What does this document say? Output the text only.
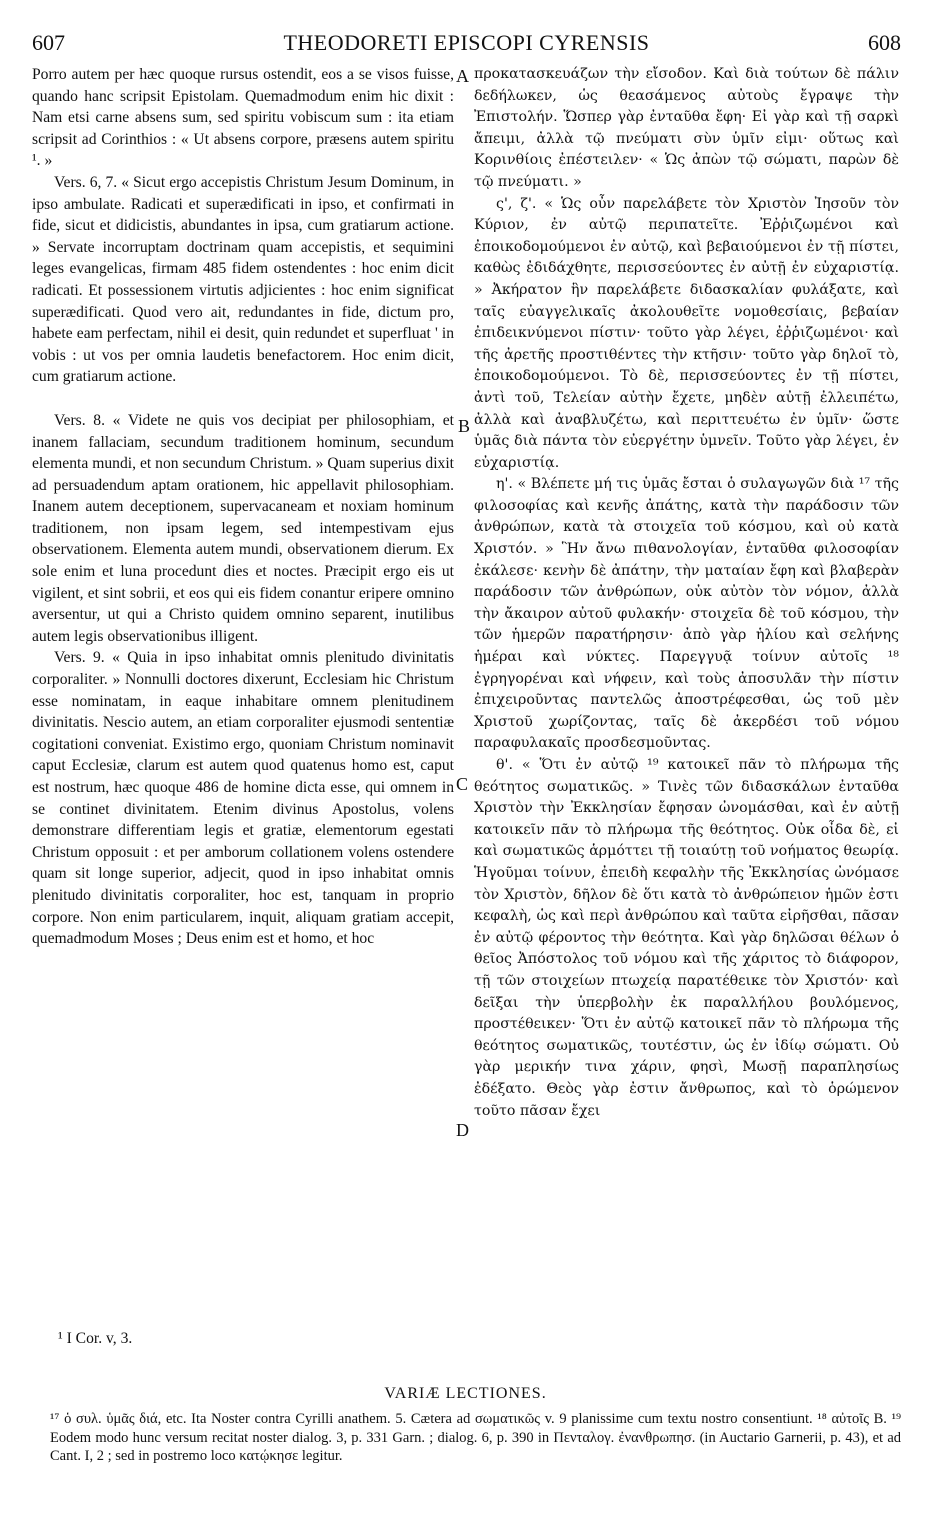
607	THEODORETI EPISCOPI CYRENSIS	608
A
B
C
D

Porro autem per hæc quoque rursus ostendit, eos a se visos fuisse, quando hanc scripsit Epistolam. Quemadmodum enim hic dixit : Nam etsi carne absens sum, sed spiritu vobiscum sum : ita etiam scripsit ad Corinthios : « Ut absens corpore, præsens autem spiritu ¹. »

Vers. 6, 7. « Sicut ergo accepistis Christum Jesum Dominum, in ipso ambulate. Radicati et superædificati in ipso, et confirmati in fide, sicut et didicistis, abundantes in ipsa, cum gratiarum actione. » Servate incorruptam doctrinam quam accepistis, et sequimini leges evangelicas, firmam 485 fidem ostendentes : hoc enim dicit radicati. Et possessionem virtutis adjicientes : hoc enim significat superædificati. Quod vero ait, redundantes in fide, dictum pro, habete eam perfectam, nihil ei desit, quin redundet et superfluat ' in vobis : ut vos per omnia laudetis benefactorem. Hoc enim dicit, cum gratiarum actione.

Vers. 8. « Videte ne quis vos decipiat per philosophiam, et inanem fallaciam, secundum traditionem hominum, secundum elementa mundi, et non secundum Christum. » Quam superius dixit ad persuadendum aptam orationem, hic appellavit philosophiam. Inanem autem deceptionem, supervacaneam et noxiam hominum traditionem, non ipsam legem, sed intempestivam ejus observationem. Elementa autem mundi, observationem dierum. Ex sole enim et luna procedunt dies et noctes. Præcipit ergo eis ut vigilent, et sint sobrii, et eos qui eis fidem conantur eripere omnino aversentur, ut qui a Christo quidem omnino separent, inutilibus autem legis observationibus illigent.

Vers. 9. « Quia in ipso inhabitat omnis plenitudo divinitatis corporaliter. » Nonnulli doctores dixerunt, Ecclesiam hic Christum esse nominatam, in eaque inhabitare omnem plenitudinem divinitatis. Nescio autem, an etiam corporaliter ejusmodi sententiæ cogitationi conveniat. Existimo ergo, quoniam Christum nominavit caput Ecclesiæ, clarum est autem quod quatenus homo est, caput est nostrum, hæc quoque 486 de homine dicta esse, qui omnem in se continet divinitatem. Etenim divinus Apostolus, volens demonstrare differentiam legis et gratiæ, elementorum egestati Christum opposuit : et per amborum collationem volens ostendere quam sit longe superior, adjecit, quod in ipso inhabitat omnis plenitudo divinitatis corporaliter, hoc est, tanquam in proprio corpore. Non enim particularem, inquit, aliquam gratiam accepit, quemadmodum Moses ; Deus enim est et homo, et hoc

προκατασκευάζων τὴν εἴσοδον. Καὶ διὰ τούτων δὲ πάλιν δεδήλωκεν, ὡς θεασάμενος αὐτοὺς ἔγραψε τὴν Ἐπιστολήν. Ὥσπερ γὰρ ἐνταῦθα ἔφη· Εἰ γὰρ καὶ τῇ σαρκὶ ἄπειμι, ἀλλὰ τῷ πνεύματι σὺν ὑμῖν εἰμι· οὕτως καὶ Κορινθίοις ἐπέστειλεν· « Ὡς ἀπὼν τῷ σώματι, παρὼν δὲ τῷ πνεύματι. »

ς', ζ'. « Ὡς οὖν παρελάβετε τὸν Χριστὸν Ἰησοῦν τὸν Κύριον, ἐν αὐτῷ περιπατεῖτε. Ἐῤῥιζωμένοι καὶ ἐποικοδομούμενοι ἐν αὐτῷ, καὶ βεβαιούμενοι ἐν τῇ πίστει, καθὼς ἐδιδάχθητε, περισσεύοντες ἐν αὐτῇ ἐν εὐχαριστίᾳ. » Ἀκήρατον ἣν παρελάβετε διδασκαλίαν φυλάξατε, καὶ ταῖς εὐαγγελικαῖς ἀκολουθεῖτε νομοθεσίαις, βεβαίαν ἐπιδεικνύμενοι πίστιν· τοῦτο γὰρ λέγει, ἐῤῥιζωμένοι· καὶ τῆς ἀρετῆς προστιθέντες τὴν κτῆσιν· τοῦτο γὰρ δηλοῖ τὸ, ἐποικοδομούμενοι. Τὸ δὲ, περισσεύοντες ἐν τῇ πίστει, ἀντὶ τοῦ, Τελείαν αὐτὴν ἔχετε, μηδὲν αὐτῇ ἐλλειπέτω, ἀλλὰ καὶ ἀναβλυζέτω, καὶ περιττευέτω ἐν ὑμῖν· ὥστε ὑμᾶς διὰ πάντα τὸν εὐεργέτην ὑμνεῖν. Τοῦτο γὰρ λέγει, ἐν εὐχαριστίᾳ.

η'. « Βλέπετε μή τις ὑμᾶς ἔσται ὁ συλαγωγῶν διὰ ¹⁷ τῆς φιλοσοφίας καὶ κενῆς ἀπάτης, κατὰ τὴν παράδοσιν τῶν ἀνθρώπων, κατὰ τὰ στοιχεῖα τοῦ κόσμου, καὶ οὐ κατὰ Χριστόν. » Ἣν ἄνω πιθανολογίαν, ἐνταῦθα φιλοσοφίαν ἐκάλεσε· κενὴν δὲ ἀπάτην, τὴν ματαίαν ἔφη καὶ βλαβερὰν παράδοσιν τῶν ἀνθρώπων, οὐκ αὐτὸν τὸν νόμον, ἀλλὰ τὴν ἄκαιρον αὐτοῦ φυλακήν· στοιχεῖα δὲ τοῦ κόσμου, τὴν τῶν ἡμερῶν παρατήρησιν· ἀπὸ γὰρ ἡλίου καὶ σελήνης ἡμέραι καὶ νύκτες. Παρεγγυᾷ τοίνυν αὐτοῖς ¹⁸ ἐγρηγορέναι καὶ νήφειν, καὶ τοὺς ἀποσυλᾶν τὴν πίστιν ἐπιχειροῦντας παντελῶς ἀποστρέφεσθαι, ὡς τοῦ μὲν Χριστοῦ χωρίζοντας, ταῖς δὲ ἀκερδέσι τοῦ νόμου παραφυλακαῖς προσδεσμοῦντας.

θ'. « Ὅτι ἐν αὐτῷ ¹⁹ κατοικεῖ πᾶν τὸ πλήρωμα τῆς θεότητος σωματικῶς. » Τινὲς τῶν διδασκάλων ἐνταῦθα Χριστὸν τὴν Ἐκκλησίαν ἔφησαν ὠνομάσθαι, καὶ ἐν αὐτῇ κατοικεῖν πᾶν τὸ πλήρωμα τῆς θεότητος. Οὐκ οἶδα δὲ, εἰ καὶ σωματικῶς ἁρμόττει τῇ τοιαύτῃ τοῦ νοήματος θεωρίᾳ. Ἡγοῦμαι τοίνυν, ἐπειδὴ κεφαλὴν τῆς Ἐκκλησίας ὠνόμασε τὸν Χριστὸν, δῆλον δὲ ὅτι κατὰ τὸ ἀνθρώπειον ἡμῶν ἐστι κεφαλὴ, ὡς καὶ περὶ ἀνθρώπου καὶ ταῦτα εἰρῆσθαι, πᾶσαν ἐν αὐτῷ φέροντος τὴν θεότητα. Καὶ γὰρ δηλῶσαι θέλων ὁ θεῖος Ἀπόστολος τοῦ νόμου καὶ τῆς χάριτος τὸ διάφορον, τῇ τῶν στοιχείων πτωχείᾳ παρατέθεικε τὸν Χριστόν· καὶ δεῖξαι τὴν ὑπερβολὴν ἐκ παραλλήλου βουλόμενος, προστέθεικεν· Ὅτι ἐν αὐτῷ κατοικεῖ πᾶν τὸ πλήρωμα τῆς θεότητος σωματικῶς, τουτέστιν, ὡς ἐν ἰδίῳ σώματι. Οὐ γὰρ μερικήν τινα χάριν, φησὶ, Μωσῇ παραπλησίως ἐδέξατο. Θεὸς γὰρ ἐστιν ἄνθρωπος, καὶ τὸ ὁρώμενον τοῦτο πᾶσαν ἔχει

¹ I Cor. v, 3.
VARIÆ LECTIONES.
¹⁷ ὁ συλ. ὑμᾶς διά, etc. Ita Noster contra Cyrilli anathem. 5. Cætera ad σωματικῶς v. 9 planissime cum textu nostro consentiunt. ¹⁸ αὐτοῖς B. ¹⁹ Eodem modo hunc versum recitat noster dialog. 3, p. 331 Garn. ; dialog. 6, p. 390 in Πενταλογ. ἐνανθρωπησ. (in Auctario Garnerii, p. 43), et ad Cant. I, 2 ; sed in postremo loco κατῴκησε legitur.
